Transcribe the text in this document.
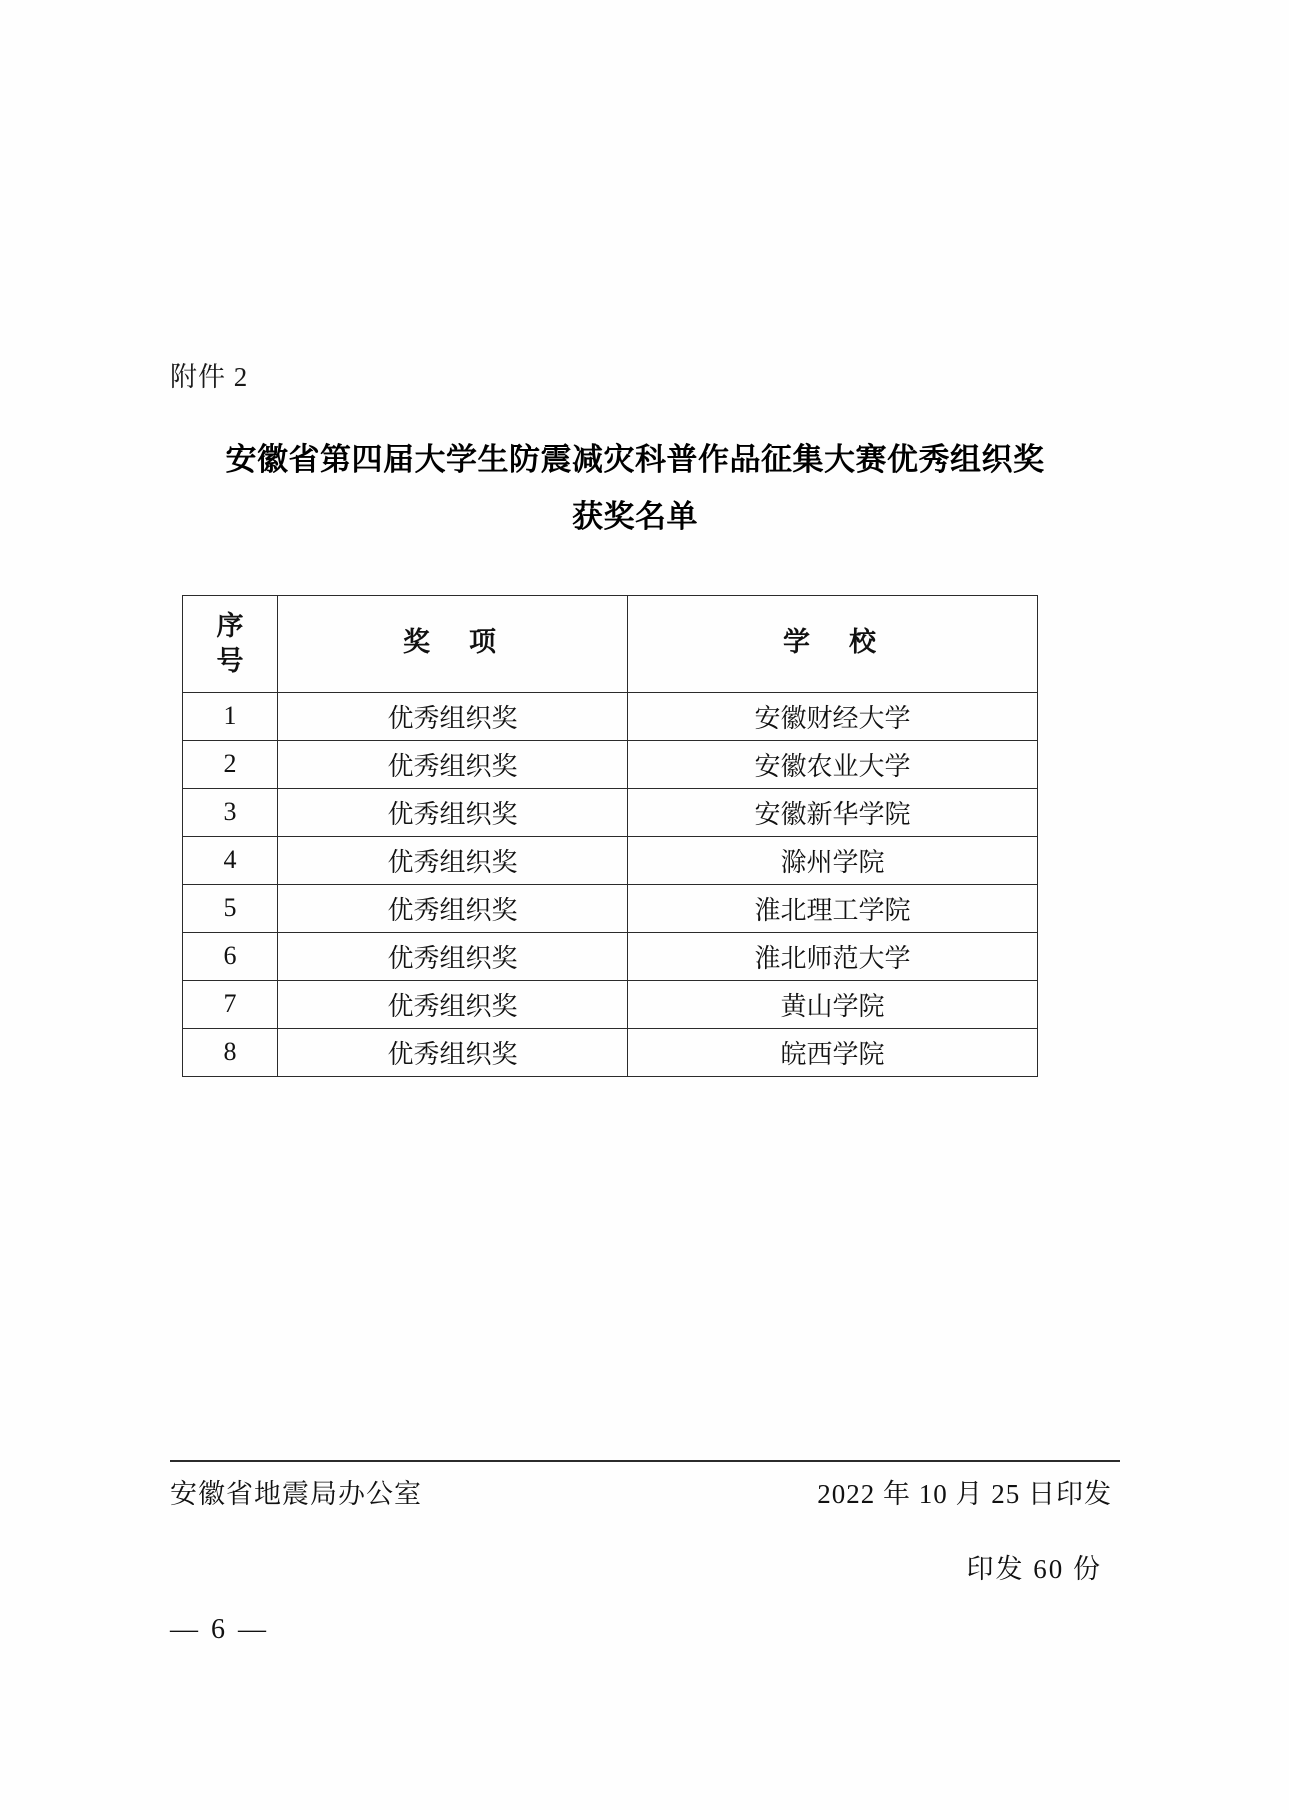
附件 2
安徽省第四届大学生防震减灾科普作品征集大赛优秀组织奖
获奖名单
序
号	奖　项	学　校
1	优秀组织奖	安徽财经大学
2	优秀组织奖	安徽农业大学
3	优秀组织奖	安徽新华学院
4	优秀组织奖	滁州学院
5	优秀组织奖	淮北理工学院
6	优秀组织奖	淮北师范大学
7	优秀组织奖	黄山学院
8	优秀组织奖	皖西学院
安徽省地震局办公室	2022 年 10 月 25 日印发
印发 60 份
— 6 —
